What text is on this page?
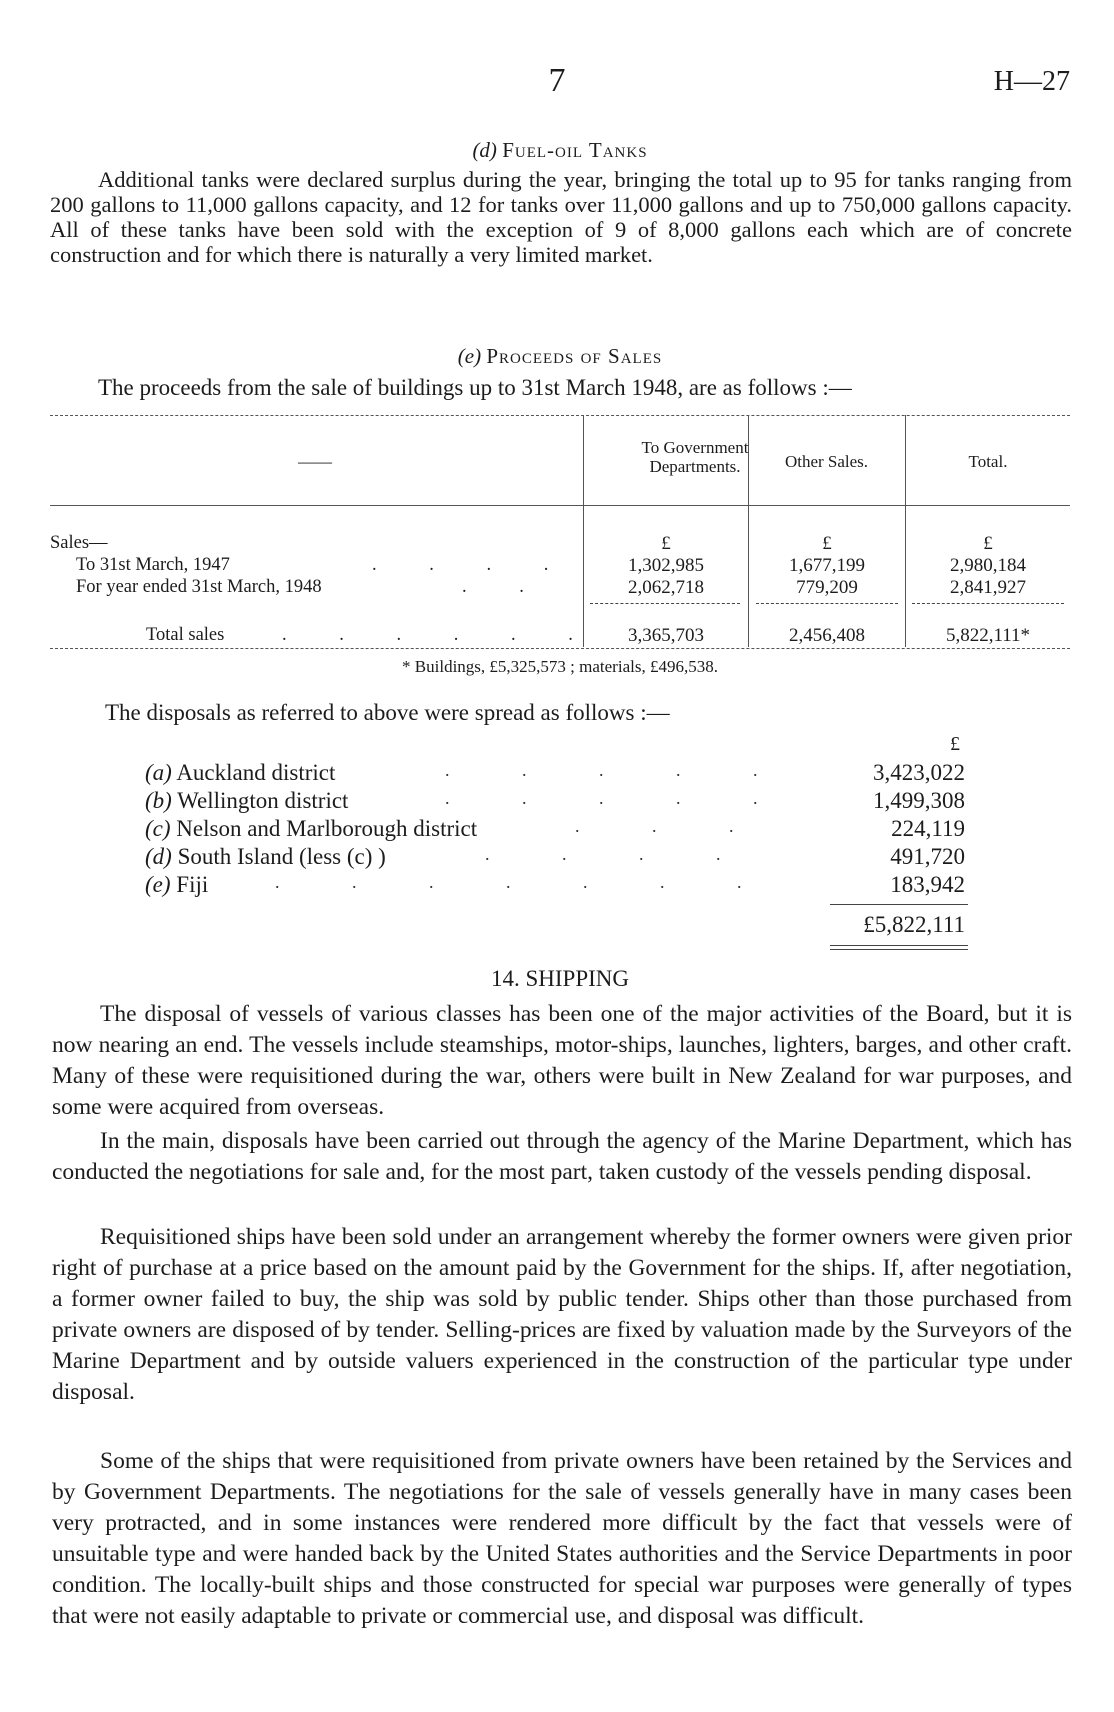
7	H—27
(d) Fuel-oil Tanks
Additional tanks were declared surplus during the year, bringing the total up to 95 for tanks ranging from 200 gallons to 11,000 gallons capacity, and 12 for tanks over 11,000 gallons and up to 750,000 gallons capacity. All of these tanks have been sold with the exception of 9 of 8,000 gallons each which are of concrete construction and for which there is naturally a very limited market.
(e) Proceeds of Sales
The proceeds from the sale of buildings up to 31st March 1948, are as follows :—
——
To Government Departments.	Other Sales.	Total.
Sales—	£	£	£
To 31st March, 1947	. . . .	1,302,985	1,677,199	2,980,184
For year ended 31st March, 1948	. .	2,062,718	779,209	2,841,927
Total sales	. . . . . .	3,365,703	2,456,408	5,822,111*
* Buildings, £5,325,573 ; materials, £496,538.
The disposals as referred to above were spread as follows :—
£
(a) Auckland district	. . . . .	3,423,022
(b) Wellington district	. . . . .	1,499,308
(c) Nelson and Marlborough district	. . .	224,119
(d) South Island (less (c) )	. . . .	491,720
(e) Fiji	. . . . . . .	183,942
£5,822,111
14. SHIPPING
The disposal of vessels of various classes has been one of the major activities of the Board, but it is now nearing an end. The vessels include steamships, motor-ships, launches, lighters, barges, and other craft. Many of these were requisitioned during the war, others were built in New Zealand for war purposes, and some were acquired from overseas.
In the main, disposals have been carried out through the agency of the Marine Department, which has conducted the negotiations for sale and, for the most part, taken custody of the vessels pending disposal.
Requisitioned ships have been sold under an arrangement whereby the former owners were given prior right of purchase at a price based on the amount paid by the Government for the ships. If, after negotiation, a former owner failed to buy, the ship was sold by public tender. Ships other than those purchased from private owners are disposed of by tender. Selling-prices are fixed by valuation made by the Surveyors of the Marine Department and by outside valuers experienced in the construction of the particular type under disposal.
Some of the ships that were requisitioned from private owners have been retained by the Services and by Government Departments. The negotiations for the sale of vessels generally have in many cases been very protracted, and in some instances were rendered more difficult by the fact that vessels were of unsuitable type and were handed back by the United States authorities and the Service Departments in poor condition. The locally-built ships and those constructed for special war purposes were generally of types that were not easily adaptable to private or commercial use, and disposal was difficult.
